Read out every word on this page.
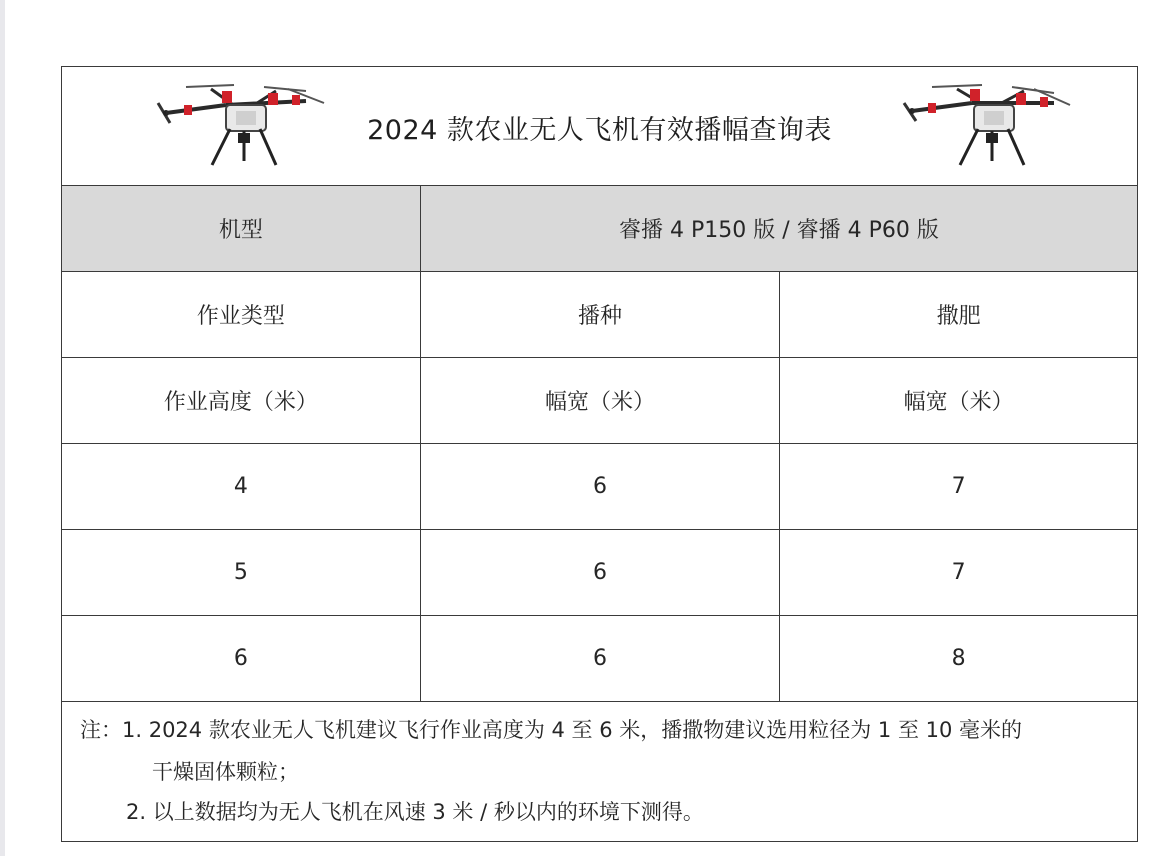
2024 款农业无人飞机有效播幅查询表
机型	睿播 4 P150 版 / 睿播 4 P60 版	
作业类型	播种	撒肥
作业高度（米）	幅宽（米）	幅宽（米）
4	6	7
5	6	7
6	6	8
注：1. 2024 款农业无人飞机建议飞行作业高度为 4 至 6 米，播撒物建议选用粒径为 1 至 10 毫米的
干燥固体颗粒；
2. 以上数据均为无人飞机在风速 3 米 / 秒以内的环境下测得。
